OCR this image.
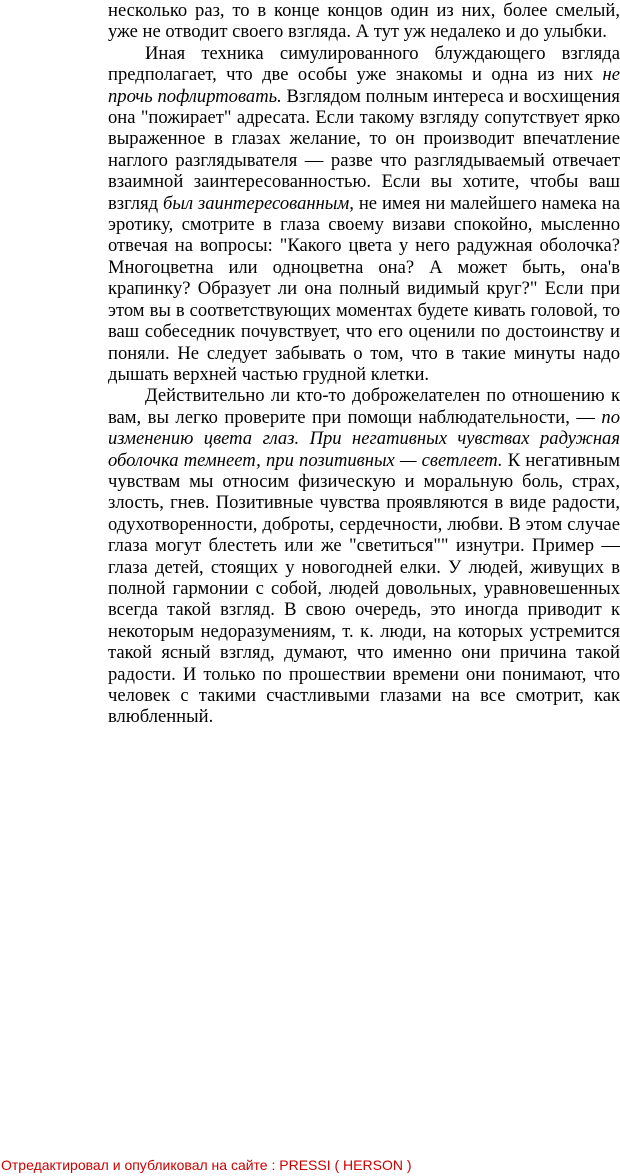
несколько раз, то в конце концов один из них, более смелый, уже не отводит своего взгляда. А тут уж недалеко и до улыбки.

Иная техника симулированного блуждающего взгляда предполагает, что две особы уже знакомы и одна из них не прочь пофлиртовать. Взглядом полным интереса и восхищения она "пожирает" адресата. Если такому взгляду сопутствует ярко выраженное в глазах желание, то он производит впечатление наглого разглядывателя — разве что разглядываемый отвечает взаимной заинтересованностью. Если вы хотите, чтобы ваш взгляд был заинтересованным, не имея ни малейшего намека на эротику, смотрите в глаза своему визави спокойно, мысленно отвечая на вопросы: "Какого цвета у него радужная оболочка? Многоцветна или одноцветна она? А может быть, она'в крапинку? Образует ли она полный видимый круг?" Если при этом вы в соответствующих моментах будете кивать головой, то ваш собеседник почувствует, что его оценили по достоинству и поняли. Не следует забывать о том, что в такие минуты надо дышать верхней частью грудной клетки.

Действительно ли кто-то доброжелателен по отношению к вам, вы легко проверите при помощи наблюдательности, — по изменению цвета глаз. При негативных чувствах радужная оболочка темнеет, при позитивных — светлеет. К негативным чувствам мы относим физическую и моральную боль, страх, злость, гнев. Позитивные чувства проявляются в виде радости, одухотворенности, доброты, сердечности, любви. В этом случае глаза могут блестеть или же "светиться"" изнутри. Пример — глаза детей, стоящих у новогодней елки. У людей, живущих в полной гармонии с собой, людей довольных, уравновешенных всегда такой взгляд. В свою очередь, это иногда приводит к некоторым недоразумениям, т. к. люди, на которых устремится такой ясный взгляд, думают, что именно они причина такой радости. И только по прошествии времени они понимают, что человек с такими счастливыми глазами на все смотрит, как влюбленный.

Отредактировал и опубликовал на сайте : PRESSI ( HERSON )
